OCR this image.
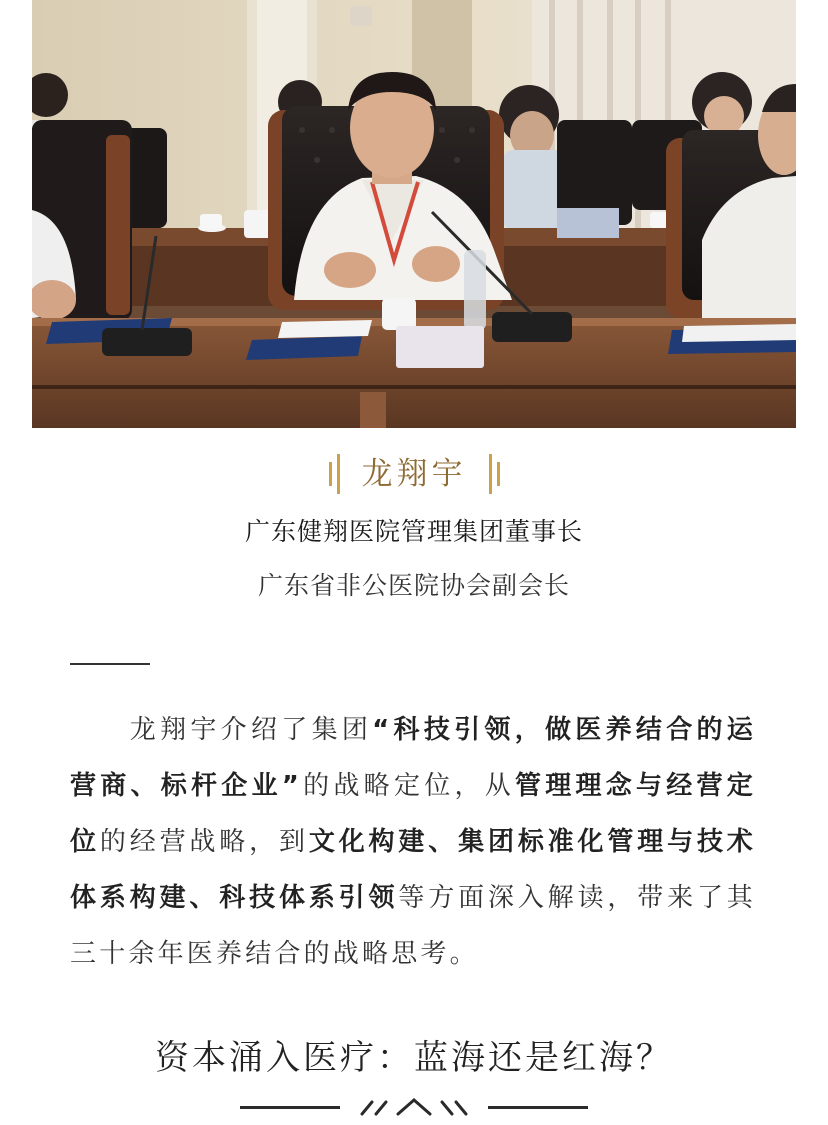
龙翔宇
广东健翔医院管理集团董事长
广东省非公医院协会副会长

龙翔宇介绍了集团“科技引领，做医养结合的运营商、标杆企业”的战略定位，从管理理念与经营定位的经营战略，到文化构建、集团标准化管理与技术体系构建、科技体系引领等方面深入解读，带来了其三十余年医养结合的战略思考。

资本涌入医疗：蓝海还是红海？
